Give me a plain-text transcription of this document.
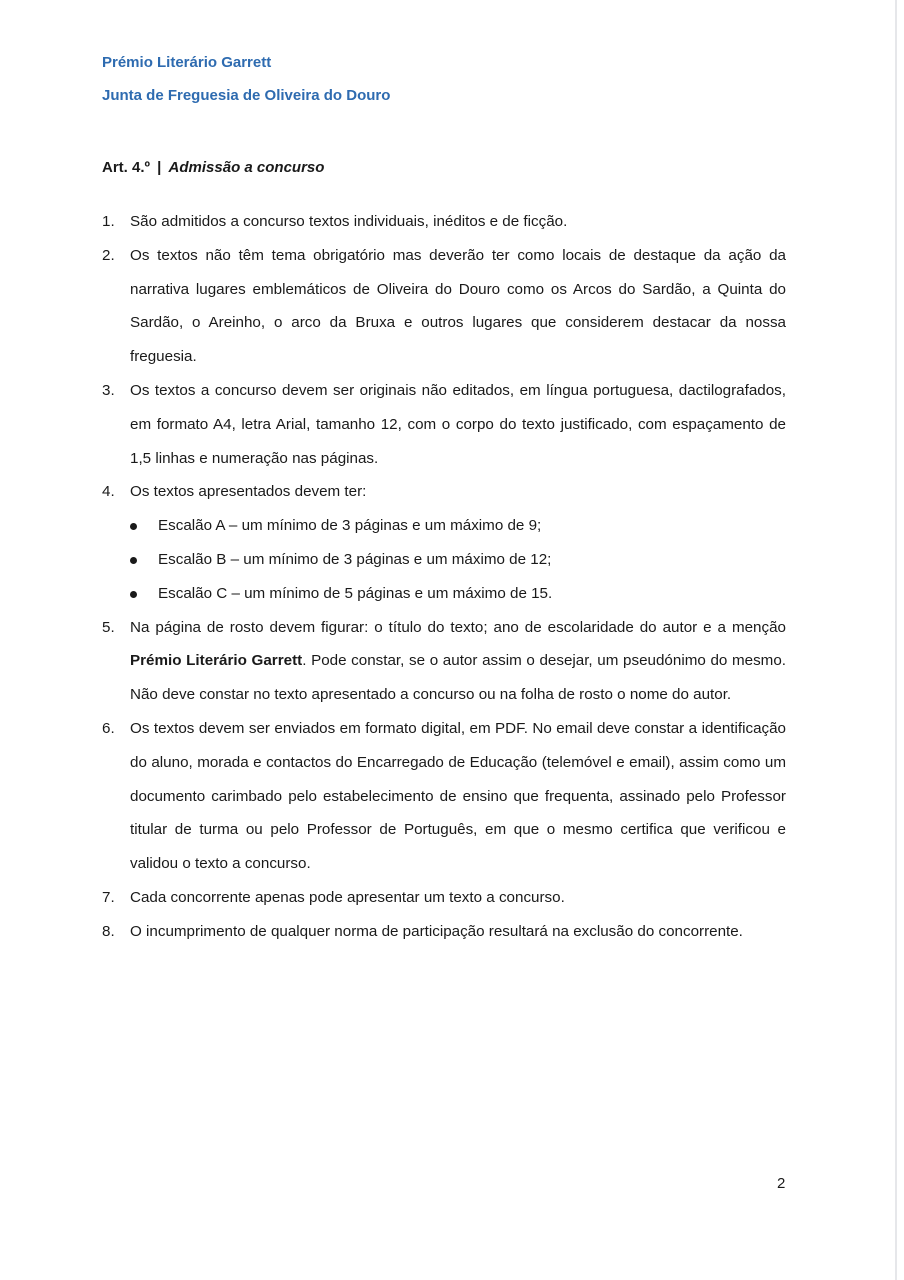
Prémio Literário Garrett
Junta de Freguesia de Oliveira do Douro
Art. 4.º | Admissão a concurso
1. São admitidos a concurso textos individuais, inéditos e de ficção.
2. Os textos não têm tema obrigatório mas deverão ter como locais de destaque da ação da narrativa lugares emblemáticos de Oliveira do Douro como os Arcos do Sardão, a Quinta do Sardão, o Areinho, o arco da Bruxa e outros lugares que considerem destacar da nossa freguesia.
3. Os textos a concurso devem ser originais não editados, em língua portuguesa, dactilografados, em formato A4, letra Arial, tamanho 12, com o corpo do texto justificado, com espaçamento de 1,5 linhas e numeração nas páginas.
4. Os textos apresentados devem ter:
Escalão A – um mínimo de 3 páginas e um máximo de 9;
Escalão B – um mínimo de 3 páginas e um máximo de 12;
Escalão C – um mínimo de 5 páginas e um máximo de 15.
5. Na página de rosto devem figurar: o título do texto; ano de escolaridade do autor e a menção Prémio Literário Garrett. Pode constar, se o autor assim o desejar, um pseudónimo do mesmo. Não deve constar no texto apresentado a concurso ou na folha de rosto o nome do autor.
6. Os textos devem ser enviados em formato digital, em PDF. No email deve constar a identificação do aluno, morada e contactos do Encarregado de Educação (telemóvel e email), assim como um documento carimbado pelo estabelecimento de ensino que frequenta, assinado pelo Professor titular de turma ou pelo Professor de Português, em que o mesmo certifica que verificou e validou o texto a concurso.
7. Cada concorrente apenas pode apresentar um texto a concurso.
8. O incumprimento de qualquer norma de participação resultará na exclusão do concorrente.
2
